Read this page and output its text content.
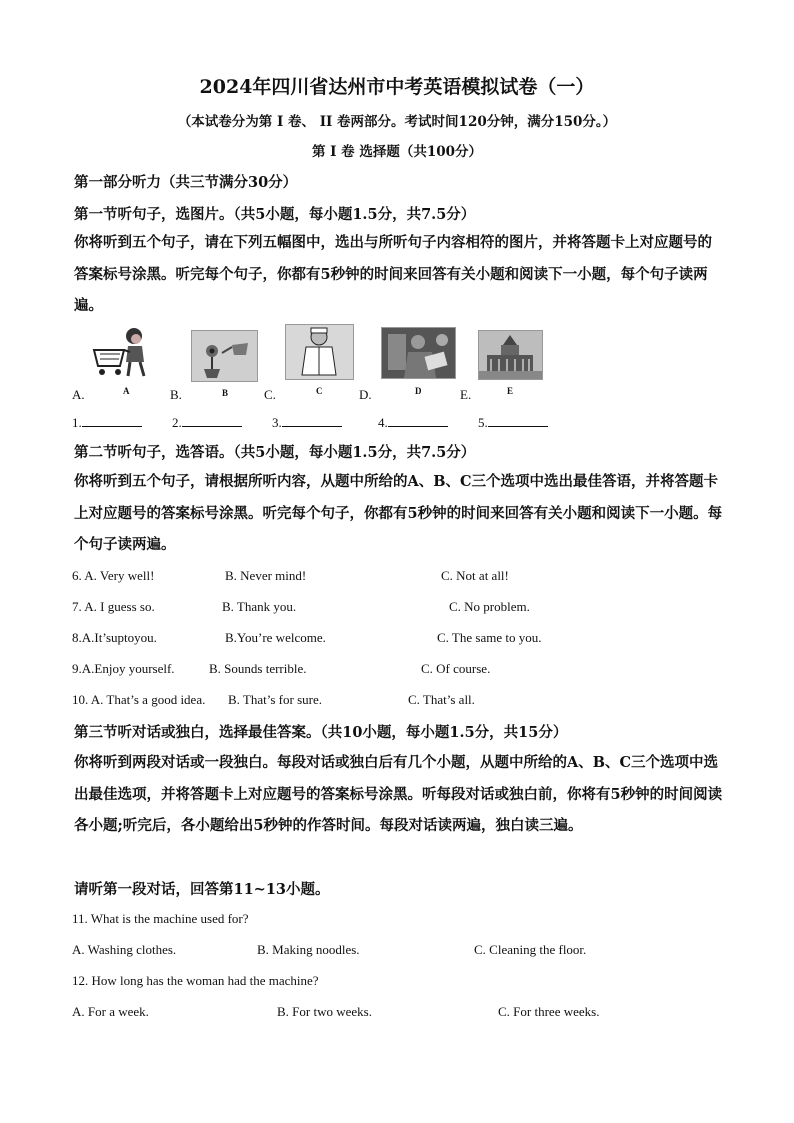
2024年四川省达州市中考英语模拟试卷（一）
（本试卷分为第 I 卷、 II 卷两部分。考试时间120分钟，满分150分。）
第 I 卷 选择题（共100分）
第一部分听力（共三节满分30分）
第一节听句子，选图片。（共5小题，每小题1.5分，共7.5分）
你将听到五个句子，请在下列五幅图中，选出与所听句子内容相符的图片，并将答题卡上对应题号的答案标号涂黑。听完每个句子，你都有5秒钟的时间来回答有关小题和阅读下一小题，每个句子读两遍。
A	B	C	D	E
A.	B.	C.	D.	E.
1.	2.	3.	4.	5.
第二节听句子，选答语。（共5小题，每小题1.5分，共7.5分）
你将听到五个句子，请根据所听内容，从题中所给的A、B、C三个选项中选出最佳答语，并将答题卡上对应题号的答案标号涂黑。听完每个句子，你都有5秒钟的时间来回答有关小题和阅读下一小题。每个句子读两遍。
6. A. Very well!	B. Never mind!	C. Not at all!
7. A. I guess so.	B. Thank you.	C. No problem.
8.A.It’suptoyou.	B.You’re welcome.	C. The same to you.
9.A.Enjoy yourself.	B. Sounds terrible.	C. Of course.
10. A. That’s a good idea. B. That’s for sure.	C. That’s all.
第三节听对话或独白，选择最佳答案。（共10小题，每小题1.5分，共15分）
你将听到两段对话或一段独白。每段对话或独白后有几个小题，从题中所给的A、B、C三个选项中选出最佳选项，并将答题卡上对应题号的答案标号涂黑。听每段对话或独白前，你将有5秒钟的时间阅读各小题;听完后，各小题给出5秒钟的作答时间。每段对话读两遍，独白读三遍。
请听第一段对话，回答第11~13小题。
11. What is the machine used for?
A. Washing clothes.	B. Making noodles.	C. Cleaning the floor.
12. How long has the woman had the machine?
A. For a week.	B. For two weeks.	C. For three weeks.
